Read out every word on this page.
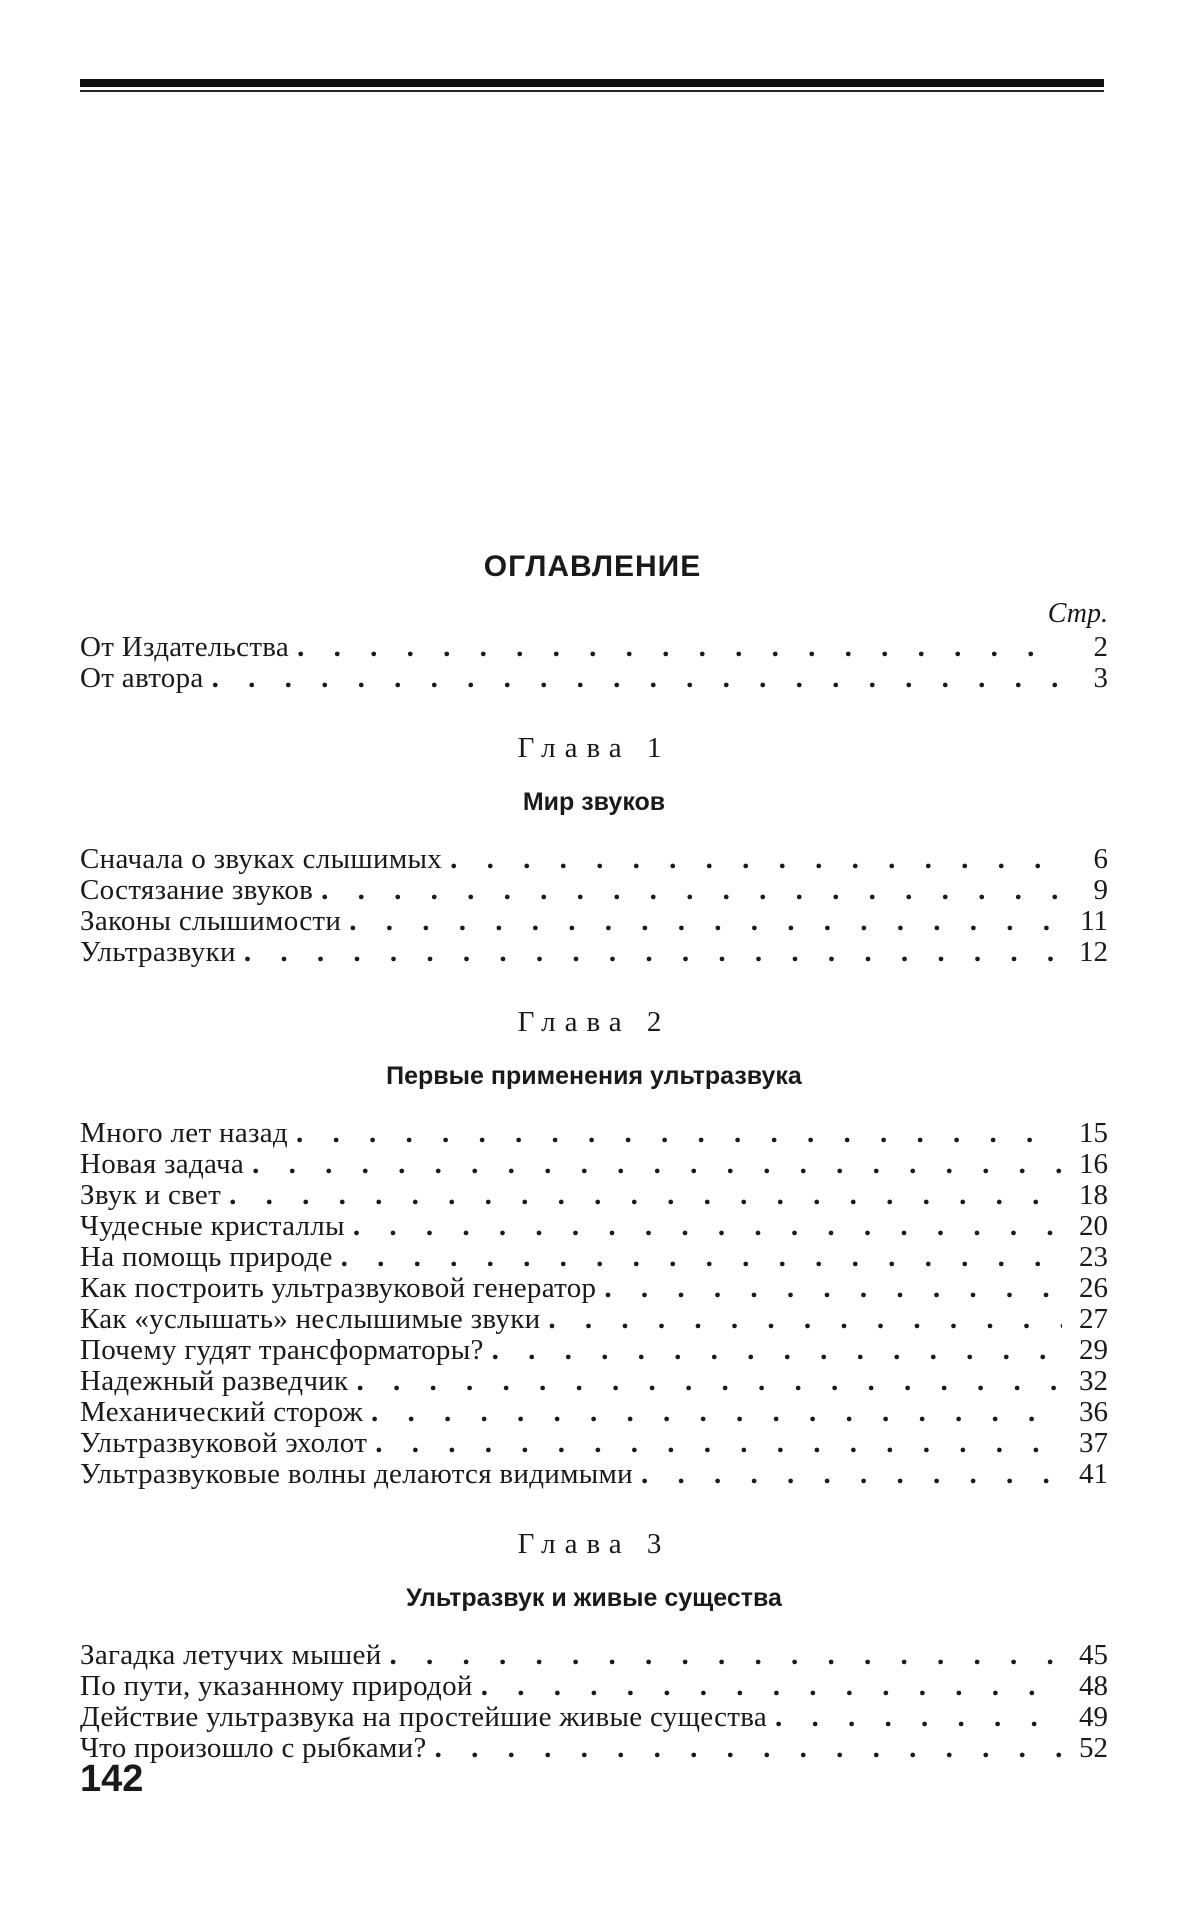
ОГЛАВЛЕНИЕ
Стр.
От Издательства . . .	2
От автора . . .	3
Глава 1
Мир звуков
Сначала о звуках слышимых . . .	6
Состязание звуков . . .	9
Законы слышимости . . .	11
Ультразвуки . . .	12
Глава 2
Первые применения ультразвука
Много лет назад . . .	15
Новая задача . . .	16
Звук и свет . . .	18
Чудесные кристаллы . . .	20
На помощь природе . . .	23
Как построить ультразвуковой генератор . . .	26
Как «услышать» неслышимые звуки . . .	27
Почему гудят трансформаторы? . . .	29
Надежный разведчик . . .	32
Механический сторож . . .	36
Ультразвуковой эхолот . . .	37
Ультразвуковые волны делаются видимыми . . .	41
Глава 3
Ультразвук и живые существа
Загадка летучих мышей . . .	45
По пути, указанному природой . . .	48
Действие ультразвука на простейшие живые существа . . .	49
Что произошло с рыбками? . . .	52
142
